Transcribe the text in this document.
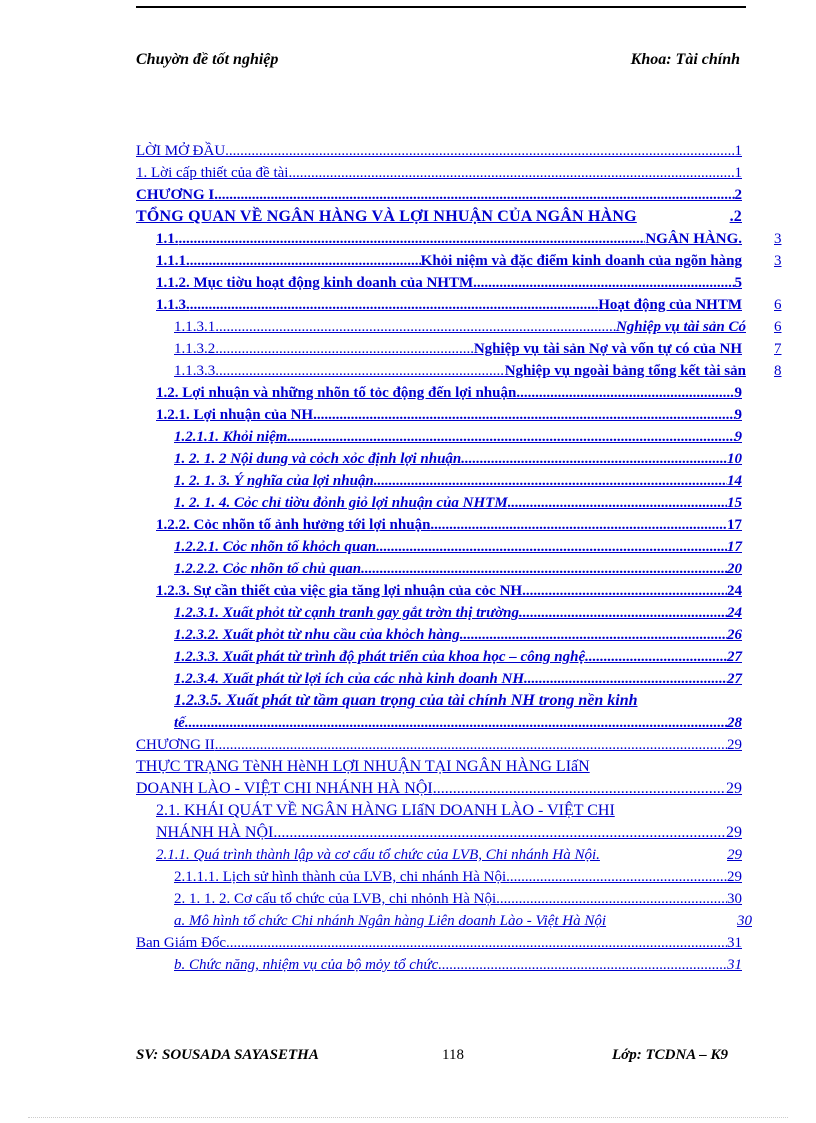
Chuyờn đề tốt nghiệp	Khoa: Tài chính
LỜI MỞ ĐẦU .....	1
1. Lời cấp thiết của đề tài. .....	1
CHƯƠNG I .....	2
TỔNG QUAN VỀ NGÂN HÀNG VÀ LỢI NHUẬN CỦA NGÂN HÀNG	.2
1.1. .....	NGÂN HÀNG. 3
1.1.1. .....	Khỏi niệm và đặc điểm kinh doanh của ngõn hàng 3
1.1.2. Mục tiờu hoạt động kinh doanh của NHTM .....	5
1.1.3. .....	Hoạt động của NHTM 6
1.1.3.1 .....	Nghiệp vụ tài sản Có 6
1.1.3.2. .....	Nghiệp vụ tài sản Nợ và vốn tự có của NH 7
1.1.3.3. .....	Nghiệp vụ ngoài bảng tổng kết tài sản 8
1.2. Lợi nhuận và những nhõn tố tỏc động đến lợi nhuận .....	9
1.2.1. Lợi nhuận của NH .....	9
1.2.1.1. Khỏi niệm .....	9
1. 2. 1. 2 Nội dung và cỏch xỏc định lợi nhuận .....	10
1. 2. 1. 3. Ý nghĩa của lợi nhuận .....	14
1. 2. 1. 4. Cỏc chỉ tiờu đỏnh giỏ lợi nhuận của NHTM .....	15
1.2.2. Cỏc nhõn tố ảnh hưởng tới lợi nhuận .....	17
1.2.2.1. Cỏc nhõn tố khỏch quan .....	17
1.2.2.2. Cỏc nhõn tố chủ quan .....	20
1.2.3. Sự cần thiết của việc gia tăng lợi nhuận của cỏc NH .....	24
1.2.3.1. Xuất phỏt từ cạnh tranh gay gắt trờn thị trường .....	24
1.2.3.2. Xuất phỏt từ nhu cầu của khỏch hàng .....	26
1.2.3.3. Xuất phát từ trình độ phát triển của khoa học – công nghệ .....	27
1.2.3.4. Xuất phát từ lợi ích của các nhà kinh doanh NH .....	27
1.2.3.5. Xuất phát từ tầm quan trọng của tài chính NH trong nền kinh
tế .....	28
CHƯƠNG II .....	29
THỰC TRẠNG TèNH HèNH LỢI NHUẬN TẠI NGÂN HÀNG LIấN
DOANH LÀO - VIỆT CHI NHÁNH HÀ NỘI .....	29
2.1. KHÁI QUÁT VỀ NGÂN HÀNG LIấN DOANH LÀO - VIỆT CHI
NHÁNH HÀ NỘI. .....	29
2.1.1. Quá trình thành lập và cơ cấu tổ chức của LVB, Chi nhánh Hà Nội.	29
2.1.1.1. Lịch sử hình thành của LVB, chi nhánh Hà Nội. .....	29
2. 1. 1. 2. Cơ cấu tổ chức của LVB, chi nhỏnh Hà Nội. .....	30
a. Mô hình tổ chức Chi nhánh Ngân hàng Liên doanh Lào - Việt Hà Nội	30
Ban Giám Đốc .....	31
b. Chức năng, nhiệm vụ của bộ mỏy tổ chức. .....	31
SV: SOUSADA SAYASETHA	118	Lớp: TCDNA – K9
